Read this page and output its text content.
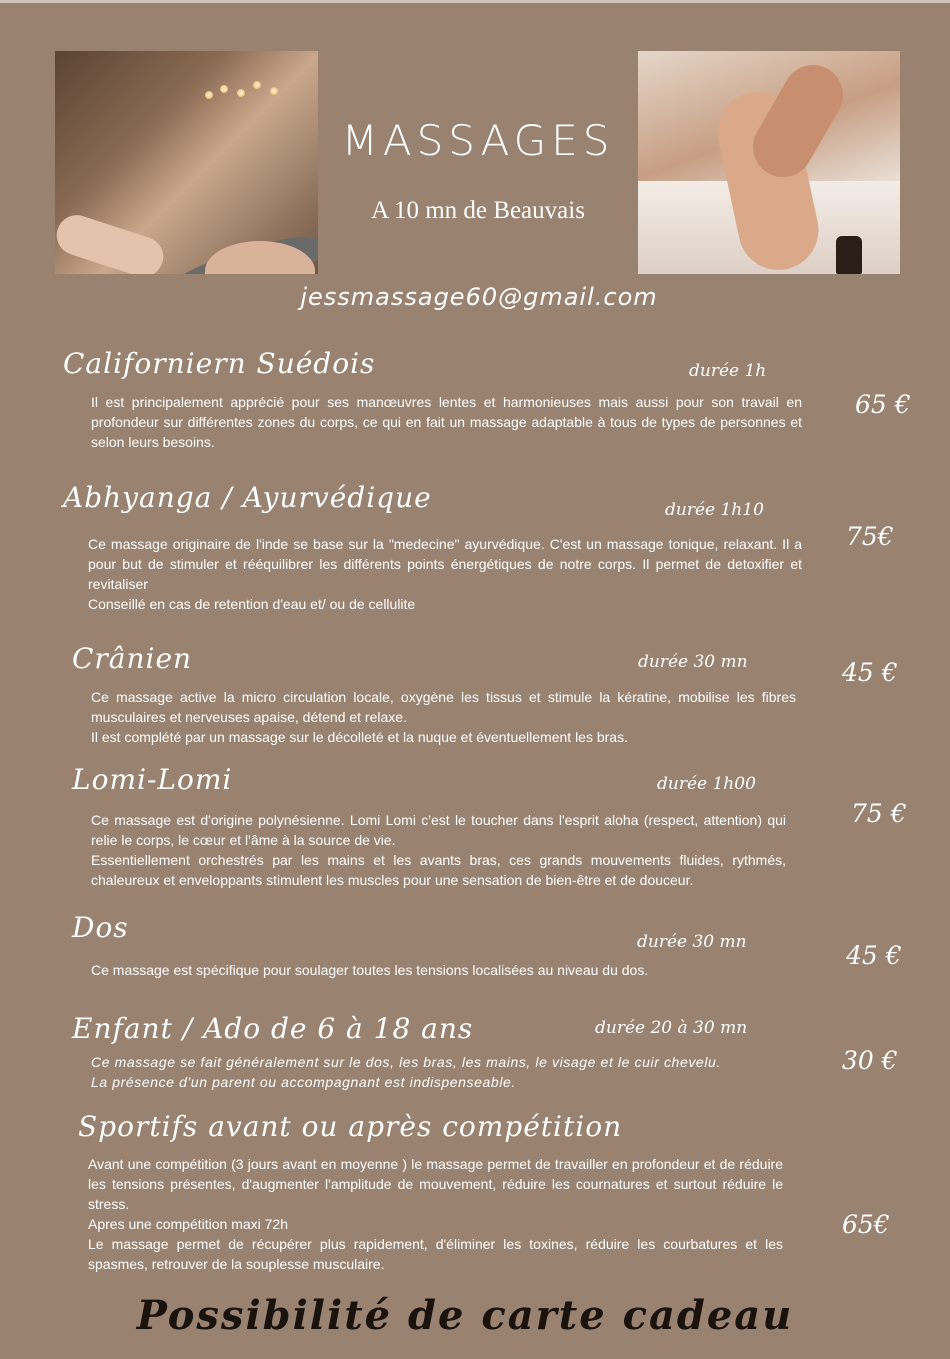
MASSAGES
A 10 mn de Beauvais
jessmassage60@gmail.com
Californiern Suédois	durée 1h
Il est principalement apprécié pour ses manœuvres lentes et harmonieuses mais aussi pour son travail en profondeur sur différentes zones du corps, ce qui en fait un massage adaptable à tous de types de personnes et selon leurs besoins.
65 €
Abhyanga / Ayurvédique	durée 1h10
Ce massage originaire de l'inde se base sur la "medecine" ayurvédique. C'est un massage tonique, relaxant. Il a pour but de stimuler et rééquilibrer les différents points énergétiques de notre corps. Il permet de detoxifier et revitaliser
Conseillé en cas de retention d'eau et/ ou de cellulite
75€
Crânien	durée 30 mn
Ce massage active la micro circulation locale, oxygène les tissus et stimule la kératine, mobilise les fibres musculaires et nerveuses apaise, détend et relaxe.
Il est complété par un massage sur le décolleté et la nuque et éventuellement les bras.
45 €
Lomi-Lomi	durée 1h00
Ce massage est d'origine polynésienne. Lomi Lomi c'est le toucher dans l'esprit aloha (respect, attention) qui relie le corps, le cœur et l'âme à la source de vie.
Essentiellement orchestrés par les mains et les avants bras, ces grands mouvements fluides, rythmés, chaleureux et enveloppants stimulent les muscles pour une sensation de bien-être et de douceur.
75 €
Dos	durée 30 mn
Ce massage est spécifique pour soulager toutes les tensions localisées au niveau du dos.	45 €
Enfant / Ado de 6 à 18 ans	durée 20 à 30 mn
Ce massage se fait généralement sur le dos, les bras, les mains, le visage et le cuir chevelu.
La présence d'un parent ou accompagnant est indispenseable.
30 €
Sportifs avant ou après compétition
Avant une compétition (3 jours avant en moyenne ) le massage permet de travailler en profondeur et de réduire les tensions présentes, d'augmenter l'amplitude de mouvement, réduire les cournatures et surtout réduire le stress.
Apres une compétition maxi 72h
Le massage permet de récupérer plus rapidement, d'éliminer les toxines, réduire les courbatures et les spasmes, retrouver de la souplesse musculaire.
65€
Possibilité de carte cadeau
